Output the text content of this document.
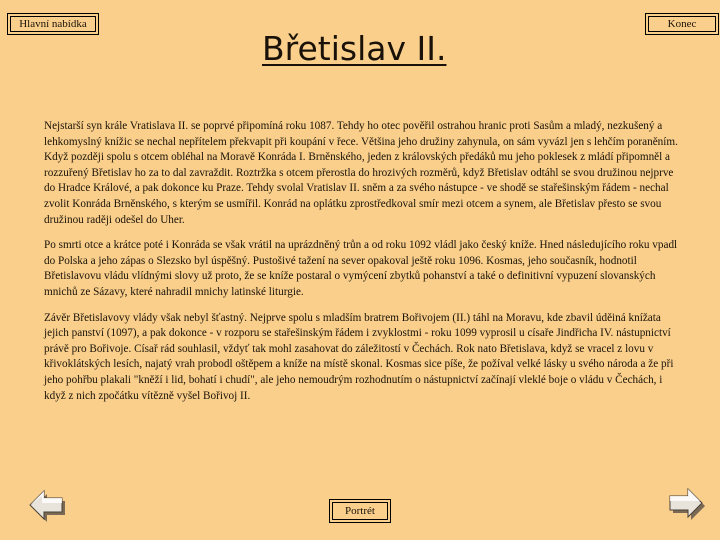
Hlavní nabídka	Konec
Břetislav II.

Nejstarší syn krále Vratislava II. se poprvé připomíná roku 1087. Tehdy ho otec pověřil ostrahou hranic proti Sasům a mladý, nezkušený a lehkomyslný knížic se nechal nepřítelem překvapit při koupání v řece. Většina jeho družiny zahynula, on sám vyvázl jen s lehčím poraněním. Když později spolu s otcem obléhal na Moravě Konráda I. Brněnského, jeden z královských předáků mu jeho poklesek z mládí připomněl a rozzuřený Břetislav ho za to dal zavraždit. Roztržka s otcem přerostla do hrozivých rozměrů, když Břetislav odtáhl se svou družinou nejprve do Hradce Králové, a pak dokonce ku Praze. Tehdy svolal Vratislav II. sněm a za svého nástupce - ve shodě se stařešinským řádem - nechal zvolit Konráda Brněnského, s kterým se usmířil. Konrád na oplátku zprostředkoval smír mezi otcem a synem, ale Břetislav přesto se svou družinou raději odešel do Uher.

Po smrti otce a krátce poté i Konráda se však vrátil na uprázdněný trůn a od roku 1092 vládl jako český kníže. Hned následujícího roku vpadl do Polska a jeho zápas o Slezsko byl úspěšný. Pustošivé tažení na sever opakoval ještě roku 1096. Kosmas, jeho současník, hodnotil Břetislavovu vládu vlídnými slovy už proto, že se kníže postaral o vymýcení zbytků pohanství a také o definitivní vypuzení slovanských mnichů ze Sázavy, které nahradil mnichy latinské liturgie.

Závěr Břetislavovy vlády však nebyl šťastný. Nejprve spolu s mladším bratrem Bořivojem (II.) táhl na Moravu, kde zbavil úděiná knížata jejich panství (1097), a pak dokonce - v rozporu se stařešinským řádem i zvyklostmi - roku 1099 vyprosil u císaře Jindřicha IV. nástupnictví právě pro Bořivoje. Císař rád souhlasil, vždyť tak mohl zasahovat do záležitostí v Čechách. Rok nato Břetislava, když se vracel z lovu v křivoklátských lesích, najatý vrah probodl oštěpem a kníže na místě skonal. Kosmas sice píše, že požíval velké lásky u svého národa a že při jeho pohřbu plakali "kněží i lid, bohatí i chudí", ale jeho nemoudrým rozhodnutím o nástupnictví začínají vleklé boje o vládu v Čechách, i když z nich zpočátku vítězně vyšel Bořivoj II.

Portrét
